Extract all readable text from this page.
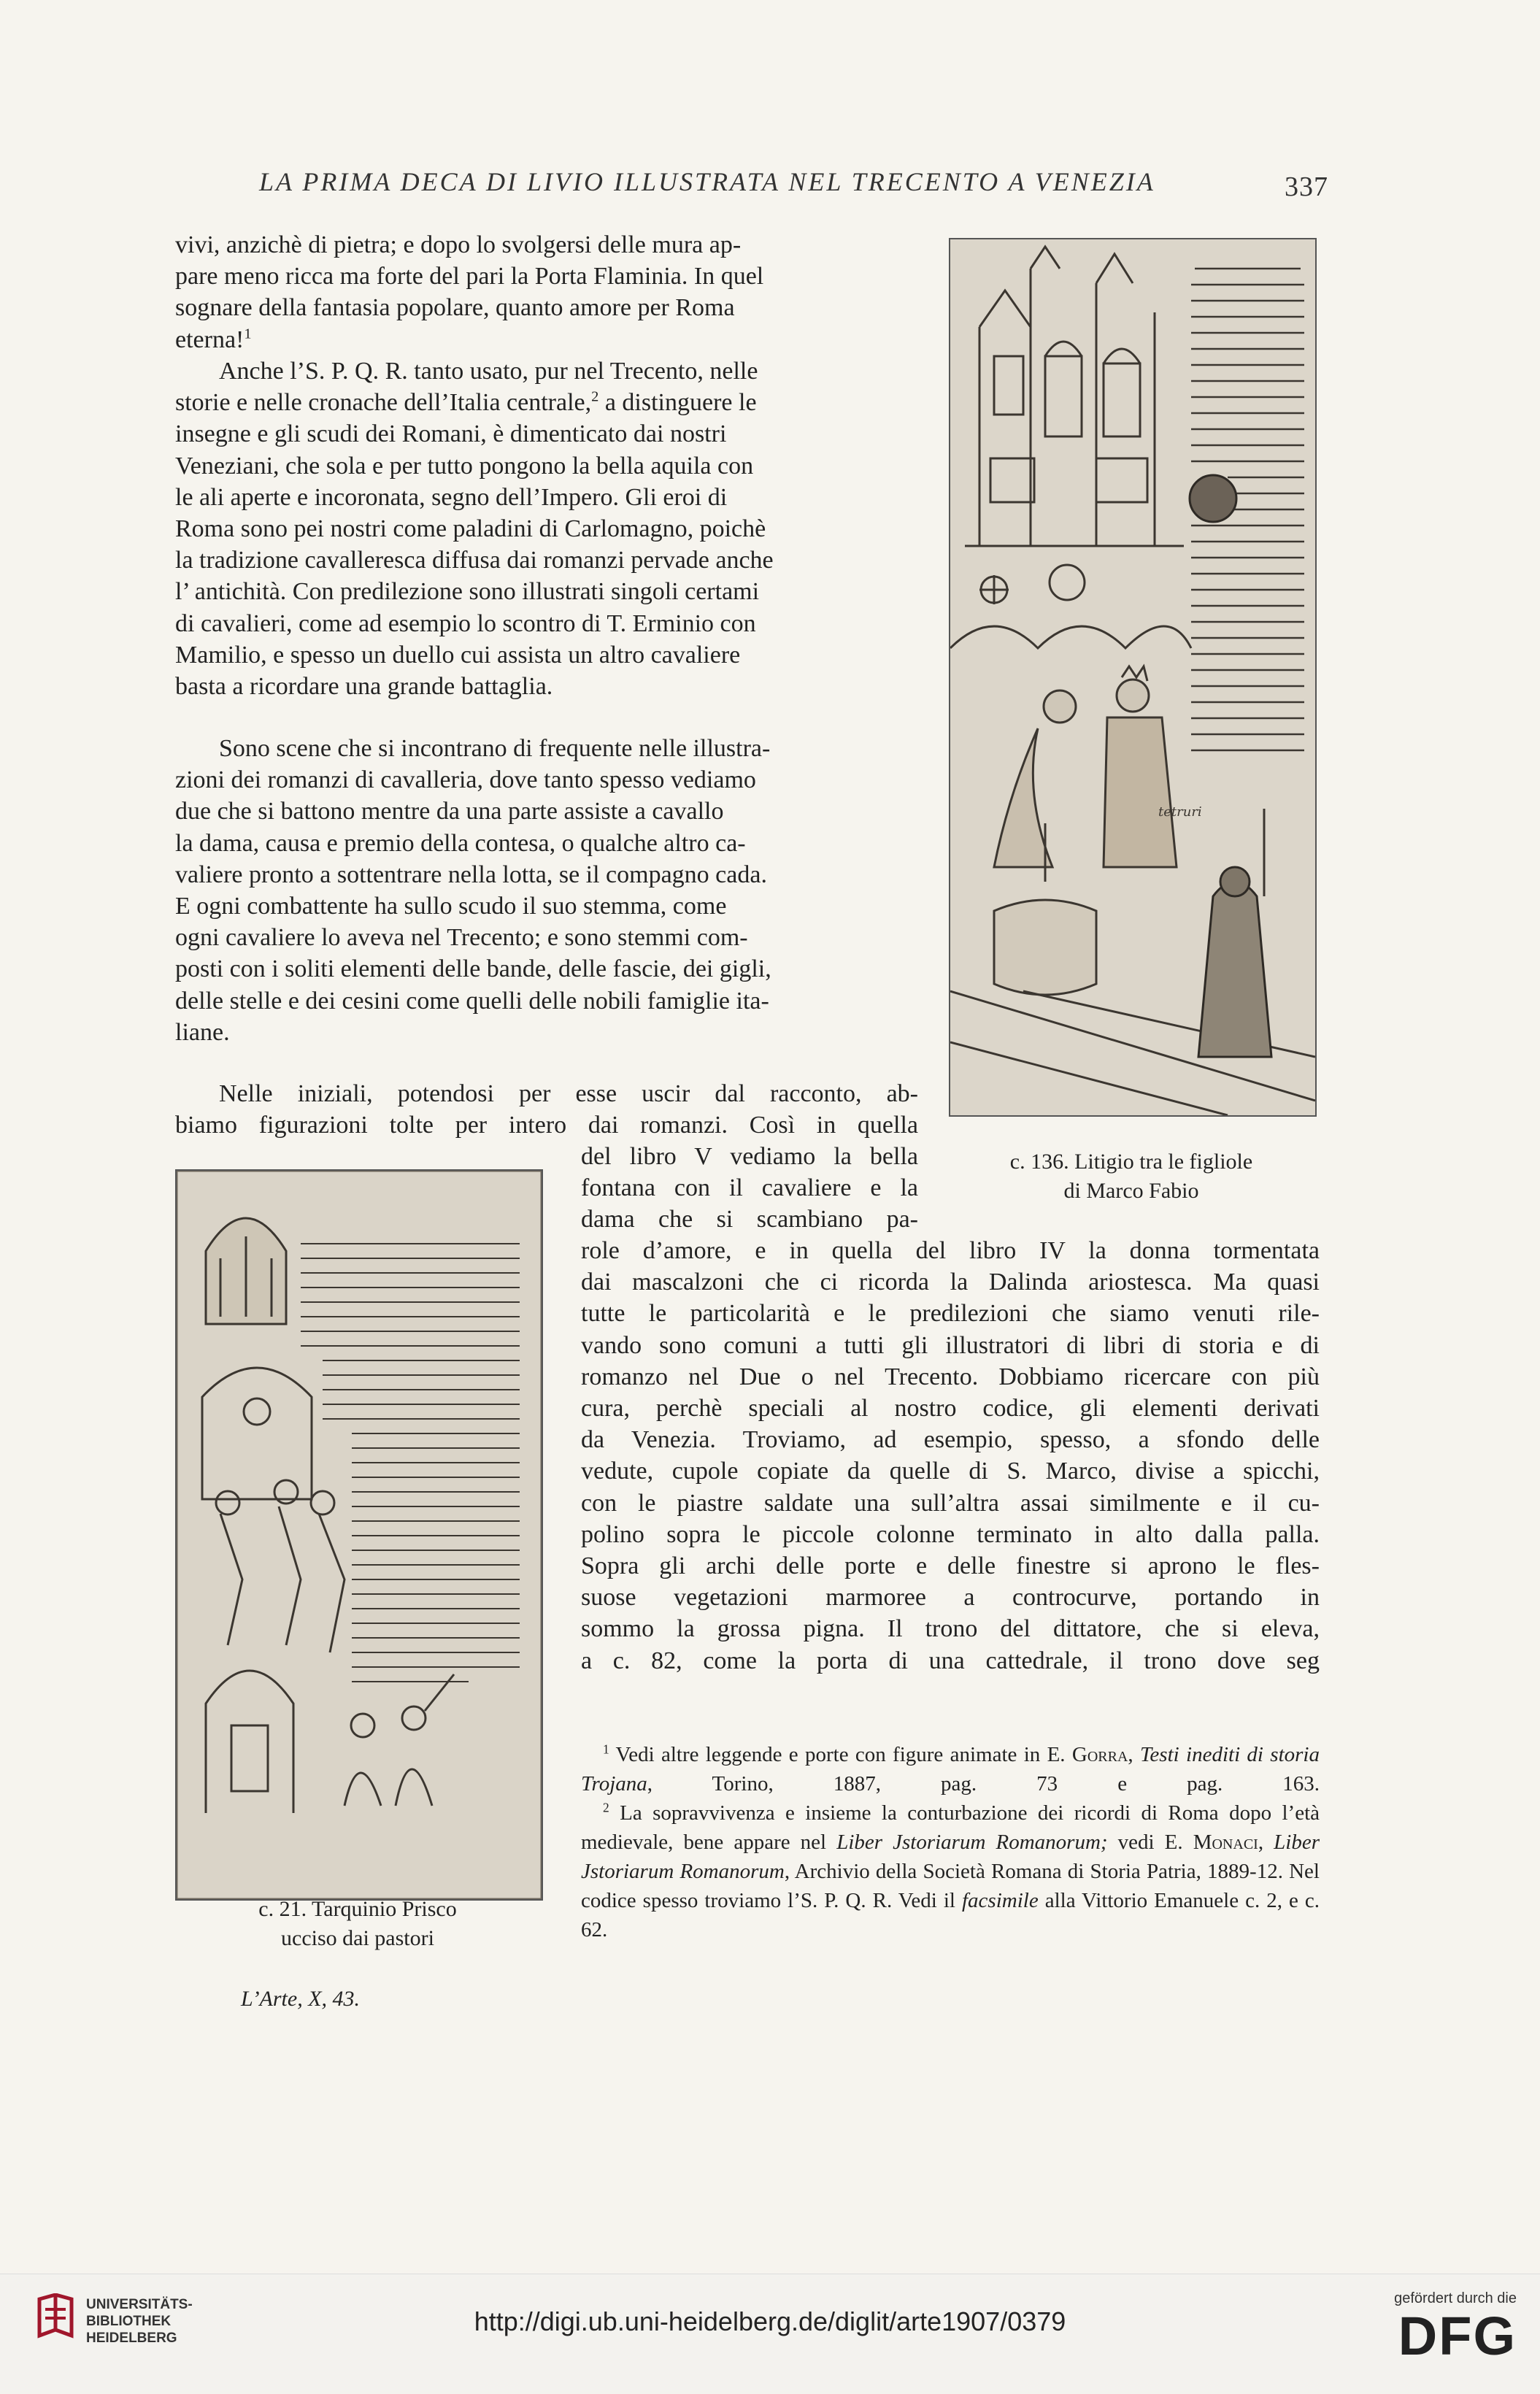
LA PRIMA DECA DI LIVIO ILLUSTRATA NEL TRECENTO A VENEZIA	337

vivi, anzichè di pietra; e dopo lo svolgersi delle mura ap-
pare meno ricca ma forte del pari la Porta Flaminia. In quel
sognare della fantasia popolare, quanto amore per Roma
eterna!$^1$

Anche l’S. P. Q. R. tanto usato, pur nel Trecento, nelle
storie e nelle cronache dell’Italia centrale,$^2$ a distinguere le
insegne e gli scudi dei Romani, è dimenticato dai nostri
Veneziani, che sola e per tutto pongono la bella aquila con
le ali aperte e incoronata, segno dell’Impero. Gli eroi di
Roma sono pei nostri come paladini di Carlomagno, poichè
la tradizione cavalleresca diffusa dai romanzi pervade anche
l’ antichità. Con predilezione sono illustrati singoli certami
di cavalieri, come ad esempio lo scontro di T. Erminio con
Mamilio, e spesso un duello cui assista un altro cavaliere
basta a ricordare una grande battaglia.

Sono scene che si incontrano di frequente nelle illustra-
zioni dei romanzi di cavalleria, dove tanto spesso vediamo
due che si battono mentre da una parte assiste a cavallo
la dama, causa e premio della contesa, o qualche altro ca-
valiere pronto a sottentrare nella lotta, se il compagno cada.
E ogni combattente ha sullo scudo il suo stemma, come
ogni cavaliere lo aveva nel Trecento; e sono stemmi com-
posti con i soliti elementi delle bande, delle fascie, dei gigli,
delle stelle e dei cesini come quelli delle nobili famiglie ita-
liane.

Nelle iniziali, potendosi per esse uscir dal racconto, ab-
biamo figurazioni tolte per intero dai romanzi. Così in quella

del libro V vediamo la bella
fontana con il cavaliere e la
dama che si scambiano pa-

role d’amore, e in quella del libro IV la donna tormentata
dai mascalzoni che ci ricorda la Dalinda ariostesca. Ma quasi
tutte le particolarità e le predilezioni che siamo venuti rile-
vando sono comuni a tutti gli illustratori di libri di storia e di
romanzo nel Due o nel Trecento. Dobbiamo ricercare con più
cura, perchè speciali al nostro codice, gli elementi derivati
da Venezia. Troviamo, ad esempio, spesso, a sfondo delle
vedute, cupole copiate da quelle di S. Marco, divise a spicchi,
con le piastre saldate una sull’altra assai similmente e il cu-
polino sopra le piccole colonne terminato in alto dalla palla.
Sopra gli archi delle porte e delle finestre si aprono le fles-
suose vegetazioni marmoree a controcurve, portando in
sommo la grossa pigna. Il trono del dittatore, che si eleva,
a c. 82, come la porta di una cattedrale, il trono dove seg

$^1$ Vedi altre leggende e porte con figure animate in E. Gorra, Testi inediti di storia Trojana, Torino, 1887, pag. 73 e pag. 163.

$^2$ La sopravvivenza e insieme la conturbazione dei ricordi di Roma dopo l’età medievale, bene appare nel Liber Jstoriarum Romanorum; vedi E. Monaci, Liber Jstoriarum Romanorum, Archivio della Società Romana di Storia Patria, 1889-12. Nel codice spesso troviamo l’S. P. Q. R. Vedi il facsimile alla Vittorio Emanuele c. 2, e c. 62.

tetruri
c. 136. Litigio tra le figliole
di Marco Fabio
c. 21. Tarquinio Prisco
ucciso dai pastori
L’Arte, X, 43.
UNIVERSITÄTS-
BIBLIOTHEK
HEIDELBERG
http://digi.ub.uni-heidelberg.de/diglit/arte1907/0379
gefördert durch die
DFG
